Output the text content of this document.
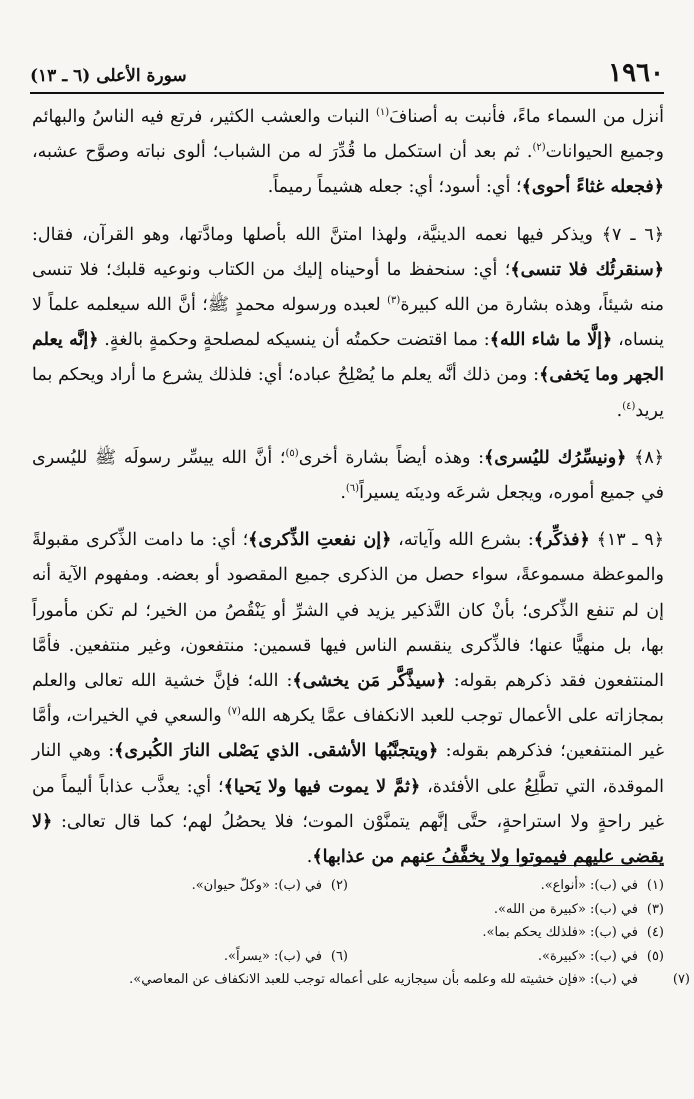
١٩٦٠
سورة الأعلى (٦ ـ ١٣)

أنزل من السماء ماءً، فأنبت به أصنافَ$^{(١)}$ النبات والعشب الكثير، فرتع فيه الناسُ والبهائم وجميع الحيوانات$^{(٢)}$. ثم بعد أن استكمل ما قُدِّرَ له من الشباب؛ ألوى نباته وصوَّح عشبه، ﴿فجعله غثاءً أحوى﴾؛ أي: أسود؛ أي: جعله هشيماً رميماً.

﴿٦ ـ ٧﴾ ويذكر فيها نعمه الدينيَّة، ولهذا امتنَّ الله بأصلها ومادَّتها، وهو القرآن، فقال: ﴿سنقرئُك فلا تنسى﴾؛ أي: سنحفظ ما أوحيناه إليك من الكتاب ونوعيه قلبك؛ فلا تنسى منه شيئاً، وهذه بشارة من الله كبيرة$^{(٣)}$ لعبده ورسوله محمدٍ ﷺ؛ أنَّ الله سيعلمه علماً لا ينساه، ﴿إلَّا ما شاء الله﴾: مما اقتضت حكمتُه أن ينسيكه لمصلحةٍ وحكمةٍ بالغةٍ. ﴿إنَّه يعلم الجهر وما يَخفى﴾: ومن ذلك أنَّه يعلم ما يُصْلِحُ عباده؛ أي: فلذلك يشرع ما أراد ويحكم بما يريد$^{(٤)}$.

﴿٨﴾ ﴿ونيسِّرُك لليُسرى﴾: وهذه أيضاً بشارة أخرى$^{(٥)}$؛ أنَّ الله ييسِّر رسولَه ﷺ لليُسرى في جميع أموره، ويجعل شرعَه ودينَه يسيراً$^{(٦)}$.

﴿٩ ـ ١٣﴾ ﴿فذكِّر﴾: بشرع الله وآياته، ﴿إن نفعتِ الذِّكرى﴾؛ أي: ما دامت الذِّكرى مقبولةً والموعظة مسموعةً، سواء حصل من الذكرى جميع المقصود أو بعضه. ومفهوم الآية أنه إن لم تنفع الذِّكرى؛ بأنْ كان التَّذكير يزيد في الشرِّ أو يَنْقُصُ من الخير؛ لم تكن مأموراً بها، بل منهيًّا عنها؛ فالذِّكرى ينقسم الناس فيها قسمين: منتفعون، وغير منتفعين. فأمَّا المنتفعون فقد ذكرهم بقوله: ﴿سيذَّكَّر مَن يخشى﴾: الله؛ فإنَّ خشية الله تعالى والعلم بمجازاته على الأعمال توجب للعبد الانكفاف عمَّا يكرهه الله$^{(٧)}$ والسعي في الخيرات، وأمَّا غير المنتفعين؛ فذكرهم بقوله: ﴿ويتجنَّبُها الأشقى. الذي يَصْلى النارَ الكُبرى﴾: وهي النار الموقدة، التي تطَّلِعُ على الأفئدة، ﴿ثمَّ لا يموت فيها ولا يَحيا﴾؛ أي: يعذَّب عذاباً أليماً من غير راحةٍ ولا استراحةٍ، حتَّى إنَّهم يتمنَّوْن الموت؛ فلا يحصُلُ لهم؛ كما قال تعالى: ﴿لا يقضى عليهم فيموتوا ولا يخفَّفُ عنهم من عذابها﴾.

(١)في (ب): «أنواع».
(٢)في (ب): «وكلّ حيوان».
(٣)في (ب): «كبيرة من الله».
(٤)في (ب): «فلذلك يحكم بما».
(٥)في (ب): «كبيرة».
(٦)في (ب): «يسراً».
(٧)في (ب): «فإن خشيته لله وعلمه بأن سيجازيه على أعماله توجب للعبد الانكفاف عن المعاصي».
